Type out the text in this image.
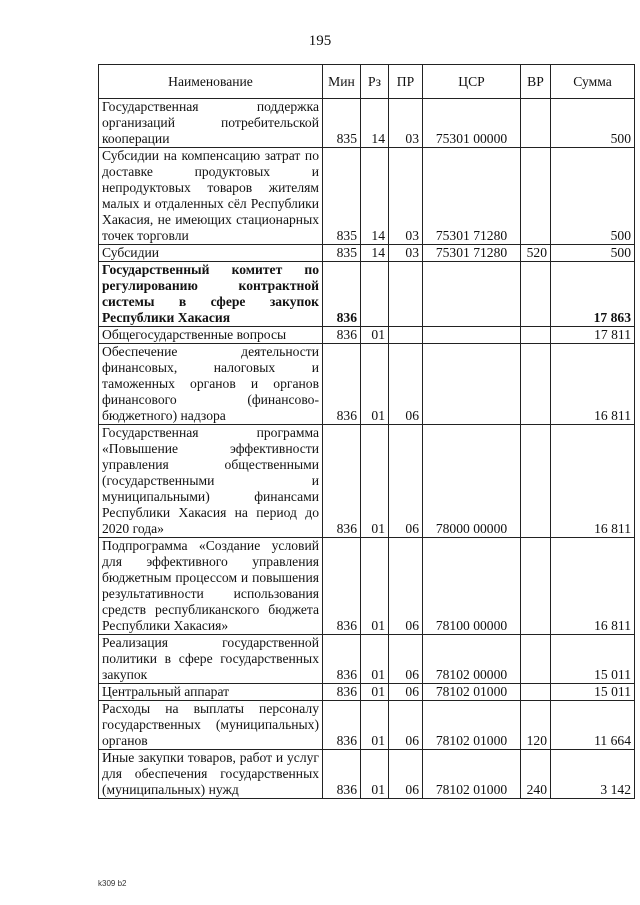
195
Наименование	Мин	Рз	ПР	ЦСР	ВР	Сумма
Государственная поддержка организаций потребительской кооперации	835	14	03	75301 00000		500
Субсидии на компенсацию затрат по доставке продуктовых и непродуктовых товаров жителям малых и отдаленных сёл Республики Хакасия, не имеющих стационарных точек торговли	835	14	03	75301 71280		500
Субсидии	835	14	03	75301 71280	520	500
Государственный комитет по регулированию контрактной системы в сфере закупок Республики Хакасия	836					17 863
Общегосударственные вопросы	836	01				17 811
Обеспечение деятельности финансовых, налоговых и таможенных органов и органов финансового (финансово-бюджетного) надзора	836	01	06			16 811
Государственная программа «Повышение эффективности управления общественными (государственными и муниципальными) финансами Республики Хакасия на период до 2020 года»	836	01	06	78000 00000		16 811
Подпрограмма «Создание условий для эффективного управления бюджетным процессом и повышения результативности использования средств республиканского бюджета Республики Хакасия»	836	01	06	78100 00000		16 811
Реализация государственной политики в сфере государственных закупок	836	01	06	78102 00000		15 011
Центральный аппарат	836	01	06	78102 01000		15 011
Расходы на выплаты персоналу государственных (муниципальных) органов	836	01	06	78102 01000	120	11 664
Иные закупки товаров, работ и услуг для обеспечения государственных (муниципальных) нужд	836	01	06	78102 01000	240	3 142
k309 b2
